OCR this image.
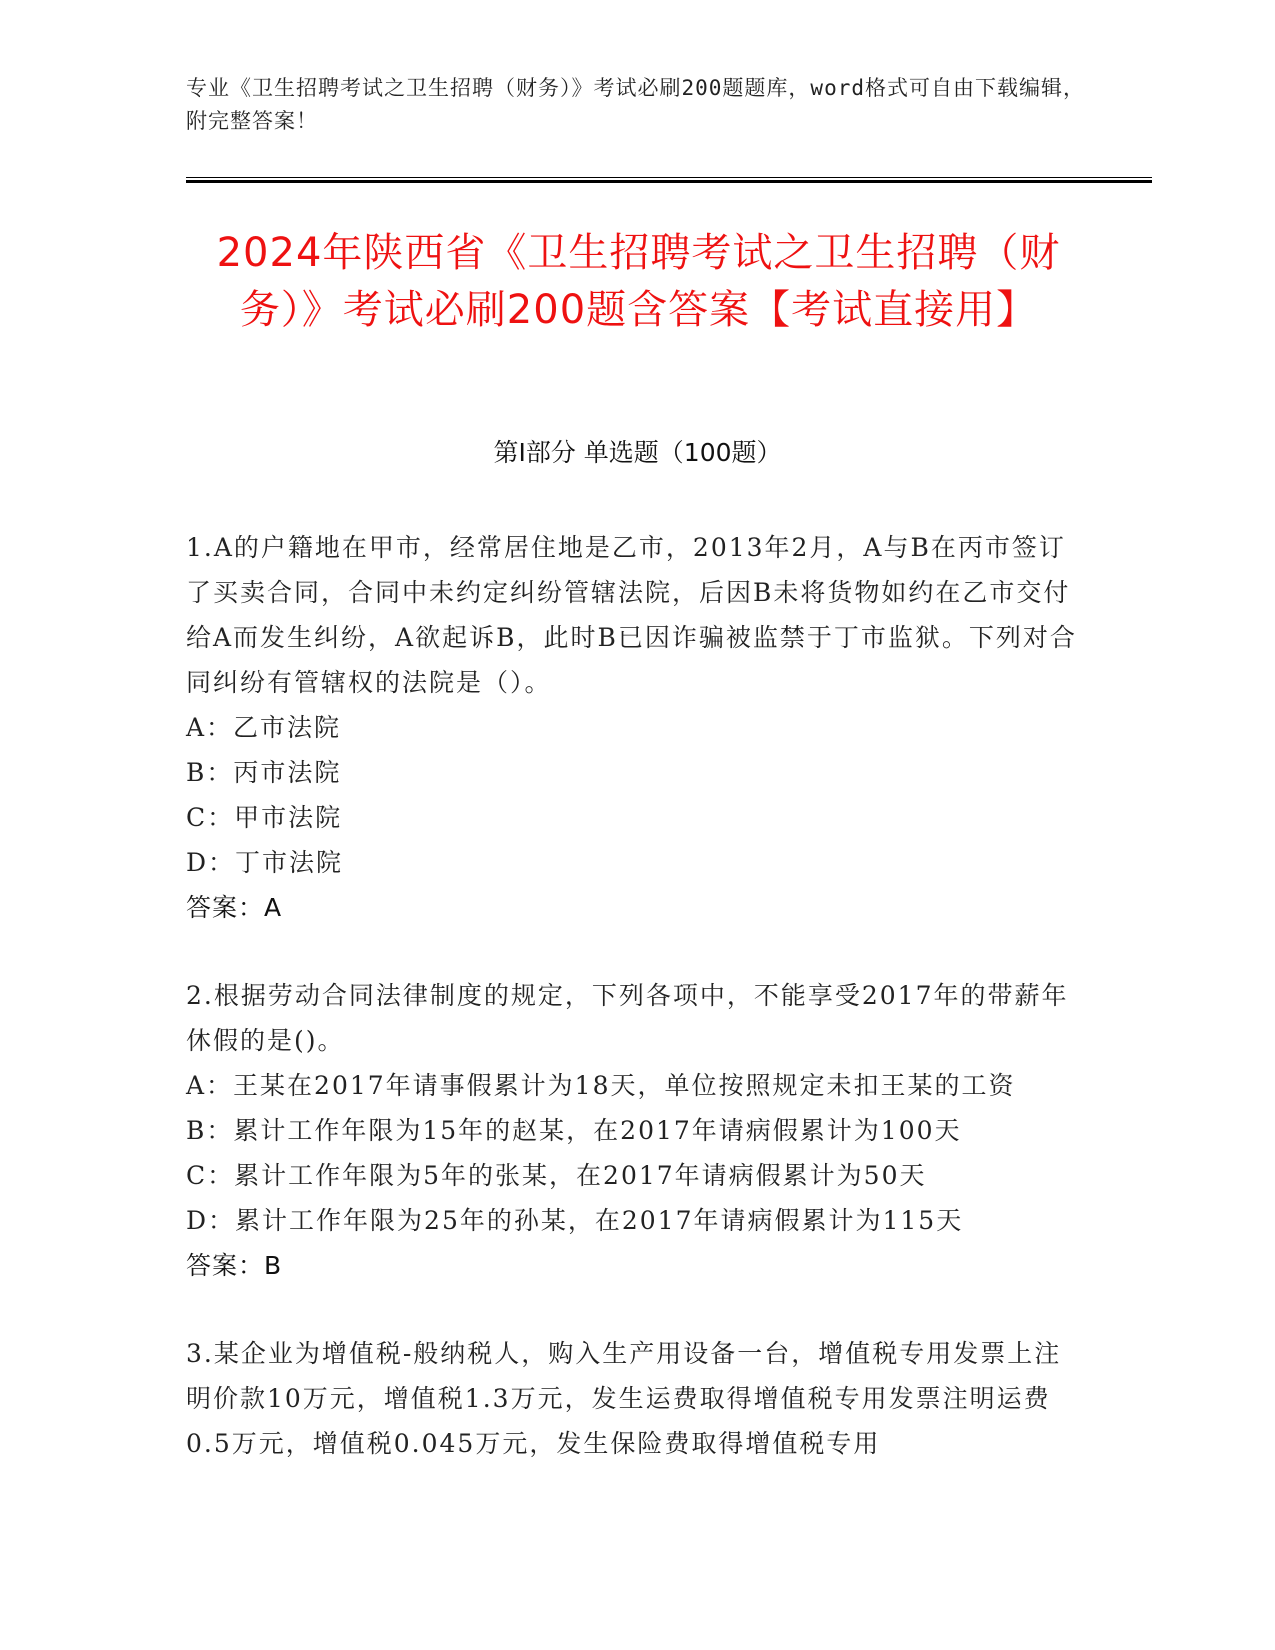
专业《卫生招聘考试之卫生招聘（财务）》考试必刷200题题库，word格式可自由下载编辑，附完整答案！
2024年陕西省《卫生招聘考试之卫生招聘（财务）》考试必刷200题含答案【考试直接用】
第I部分 单选题（100题）

1.A的户籍地在甲市，经常居住地是乙市，2013年2月，A与B在丙市签订了买卖合同，合同中未约定纠纷管辖法院，后因B未将货物如约在乙市交付给A而发生纠纷，A欲起诉B，此时B已因诈骗被监禁于丁市监狱。下列对合同纠纷有管辖权的法院是（）。

A：乙市法院

B：丙市法院

C：甲市法院

D：丁市法院

答案：A

2.根据劳动合同法律制度的规定，下列各项中，不能享受2017年的带薪年休假的是()。

A：王某在2017年请事假累计为18天，单位按照规定未扣王某的工资

B：累计工作年限为15年的赵某，在2017年请病假累计为100天

C：累计工作年限为5年的张某，在2017年请病假累计为50天

D：累计工作年限为25年的孙某，在2017年请病假累计为115天

答案：B

3.某企业为增值税-般纳税人，购入生产用设备一台，增值税专用发票上注明价款10万元，增值税1.3万元，发生运费取得增值税专用发票注明运费0.5万元，增值税0.045万元，发生保险费取得增值税专用
